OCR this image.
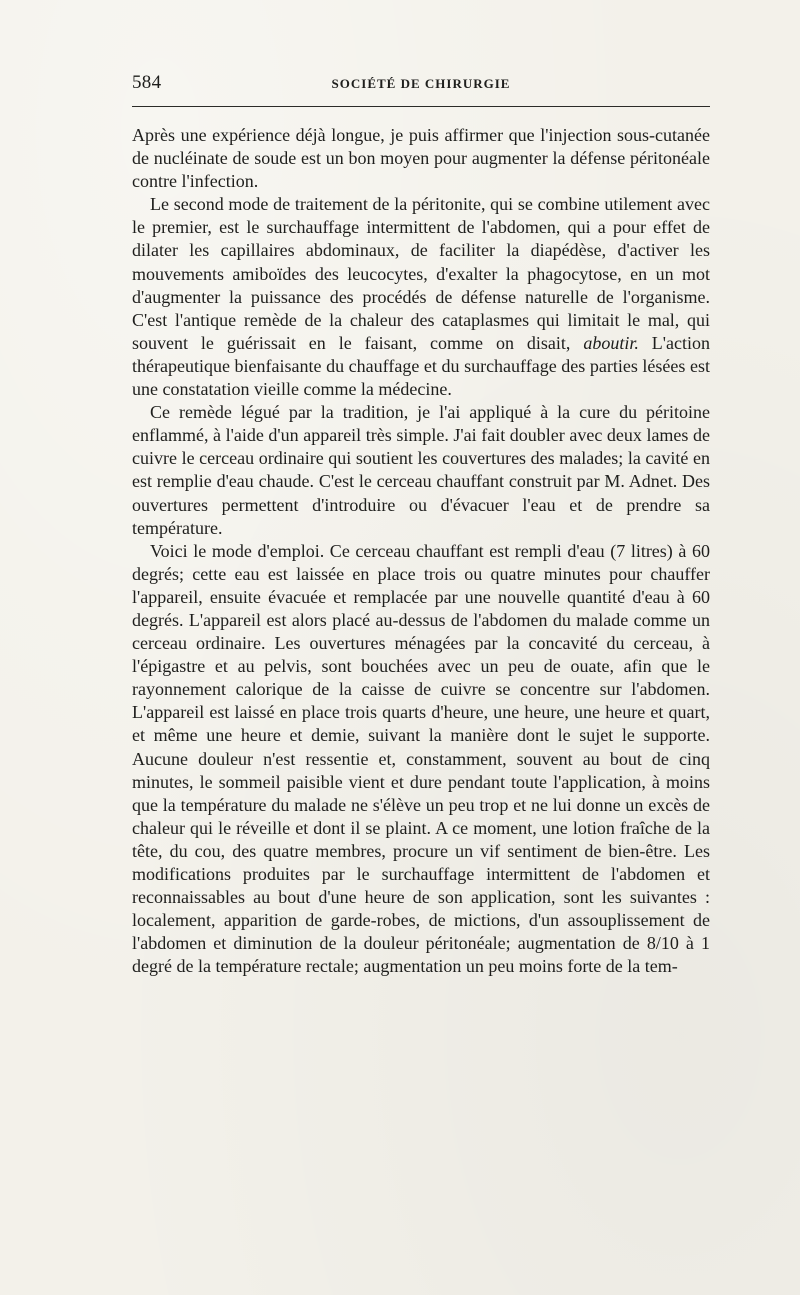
584	SOCIÉTÉ DE CHIRURGIE

Après une expérience déjà longue, je puis affirmer que l'injection sous-cutanée de nucléinate de soude est un bon moyen pour augmenter la défense péritonéale contre l'infection.

Le second mode de traitement de la péritonite, qui se combine utilement avec le premier, est le surchauffage intermittent de l'abdomen, qui a pour effet de dilater les capillaires abdominaux, de faciliter la diapédèse, d'activer les mouvements amiboïdes des leucocytes, d'exalter la phagocytose, en un mot d'augmenter la puissance des procédés de défense naturelle de l'organisme. C'est l'antique remède de la chaleur des cataplasmes qui limitait le mal, qui souvent le guérissait en le faisant, comme on disait, aboutir. L'action thérapeutique bienfaisante du chauffage et du surchauffage des parties lésées est une constatation vieille comme la médecine.

Ce remède légué par la tradition, je l'ai appliqué à la cure du péritoine enflammé, à l'aide d'un appareil très simple. J'ai fait doubler avec deux lames de cuivre le cerceau ordinaire qui soutient les couvertures des malades; la cavité en est remplie d'eau chaude. C'est le cerceau chauffant construit par M. Adnet. Des ouvertures permettent d'introduire ou d'évacuer l'eau et de prendre sa température.

Voici le mode d'emploi. Ce cerceau chauffant est rempli d'eau (7 litres) à 60 degrés; cette eau est laissée en place trois ou quatre minutes pour chauffer l'appareil, ensuite évacuée et remplacée par une nouvelle quantité d'eau à 60 degrés. L'appareil est alors placé au-dessus de l'abdomen du malade comme un cerceau ordinaire. Les ouvertures ménagées par la concavité du cerceau, à l'épigastre et au pelvis, sont bouchées avec un peu de ouate, afin que le rayonnement calorique de la caisse de cuivre se concentre sur l'abdomen. L'appareil est laissé en place trois quarts d'heure, une heure, une heure et quart, et même une heure et demie, suivant la manière dont le sujet le supporte. Aucune douleur n'est ressentie et, constamment, souvent au bout de cinq minutes, le sommeil paisible vient et dure pendant toute l'application, à moins que la température du malade ne s'élève un peu trop et ne lui donne un excès de chaleur qui le réveille et dont il se plaint. A ce moment, une lotion fraîche de la tête, du cou, des quatre membres, procure un vif sentiment de bien-être. Les modifications produites par le surchauffage intermittent de l'abdomen et reconnaissables au bout d'une heure de son application, sont les suivantes : localement, apparition de garde-robes, de mictions, d'un assouplissement de l'abdomen et diminution de la douleur péritonéale; augmentation de 8/10 à 1 degré de la température rectale; augmentation un peu moins forte de la tem-
